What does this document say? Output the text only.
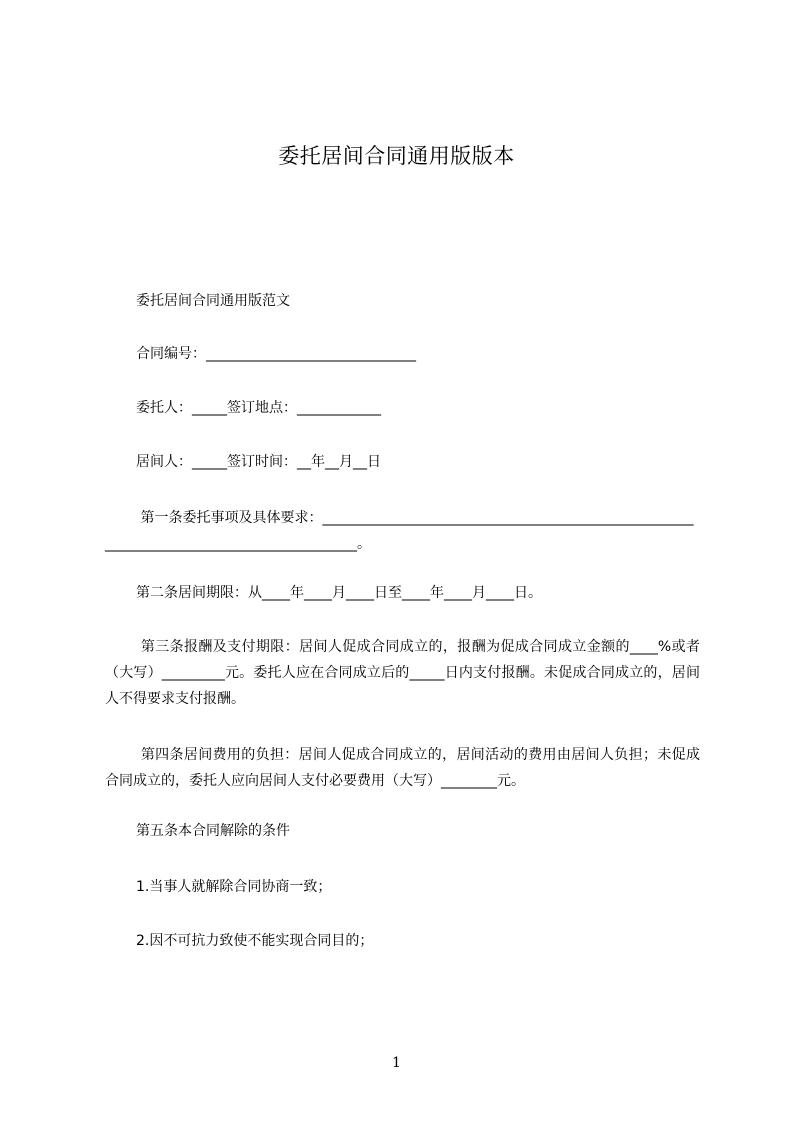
委托居间合同通用版版本
委托居间合同通用版范文
合同编号：______________________________
委托人：_____签订地点：____________
居间人：_____签订时间：__年__月__日
第一条委托事项及具体要求：_________________________________________________________________________________________。
第二条居间期限：从____年____月____日至____年____月____日。
第三条报酬及支付期限：居间人促成合同成立的，报酬为促成合同成立金额的____%或者（大写）_________元。委托人应在合同成立后的_____日内支付报酬。未促成合同成立的，居间人不得要求支付报酬。
第四条居间费用的负担：居间人促成合同成立的，居间活动的费用由居间人负担；未促成合同成立的，委托人应向居间人支付必要费用（大写）________元。
第五条本合同解除的条件
1.当事人就解除合同协商一致；
2.因不可抗力致使不能实现合同目的；
1
